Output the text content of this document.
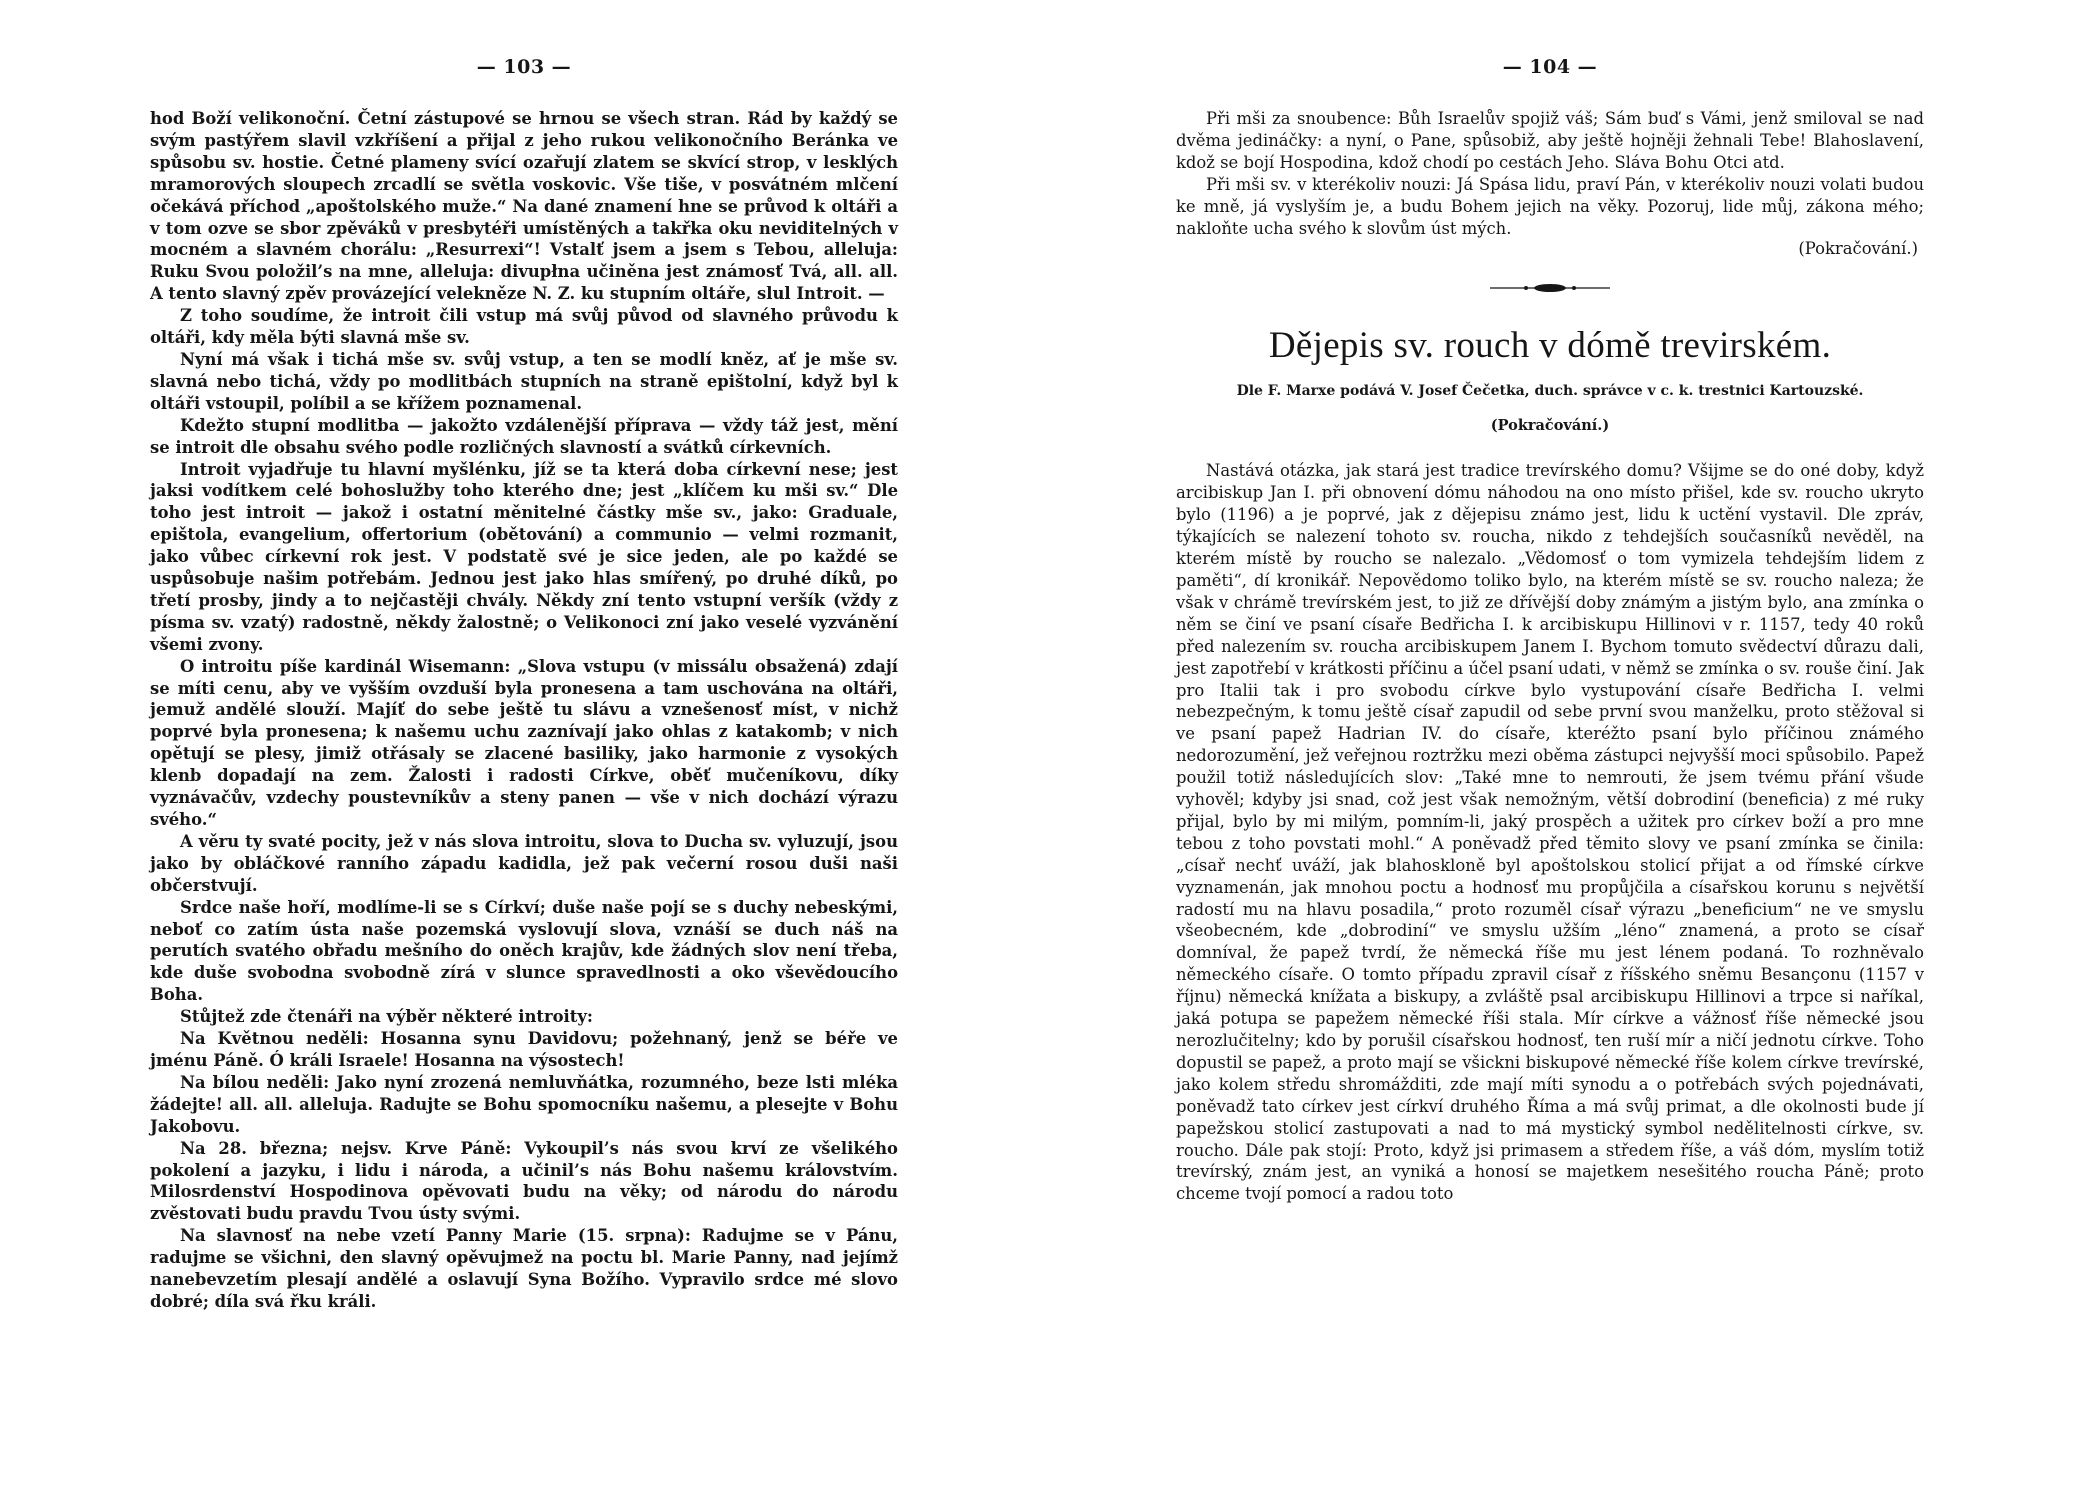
— 103 —

hod Boží velikonoční. Četní zástupové se hrnou se všech stran. Rád by každý se svým pastýřem slavil vzkříšení a přijal z jeho rukou velikonočního Beránka ve spůsobu sv. hostie. Četné plameny svící ozařují zlatem se skvící strop, v lesklých mramorových sloupech zrcadlí se světla voskovic. Vše tiše, v posvátném mlčení očekává příchod „apoštolského muže.“ Na dané znamení hne se průvod k oltáři a v tom ozve se sbor zpěváků v presbytéři umístěných a takřka oku neviditelných v mocném a slavném chorálu: „Resurrexi“! Vstalť jsem a jsem s Tebou, alleluja: Ruku Svou položil’s na mne, alleluja: divupłna učiněna jest známosť Tvá, all. all. A tento slavný zpěv provázející velekněze N. Z. ku stupním oltáře, slul Introit. —

Z toho soudíme, že introit čili vstup má svůj původ od slavného průvodu k oltáři, kdy měla býti slavná mše sv.

Nyní má však i tichá mše sv. svůj vstup, a ten se modlí kněz, ať je mše sv. slavná nebo tichá, vždy po modlitbách stupních na straně epištolní, když byl k oltáři vstoupil, políbil a se křížem poznamenal.

Kdežto stupní modlitba — jakožto vzdálenější příprava — vždy táž jest, mění se introit dle obsahu svého podle rozličných slavností a svátků církevních.

Introit vyjadřuje tu hlavní myšlénku, jíž se ta která doba církevní nese; jest jaksi vodítkem celé bohoslužby toho kterého dne; jest „klíčem ku mši sv.“ Dle toho jest introit — jakož i ostatní měnitelné částky mše sv., jako: Graduale, epištola, evangelium, offertorium (obětování) a communio — velmi rozmanit, jako vůbec církevní rok jest. V podstatě své je sice jeden, ale po každé se uspůsobuje našim potřebám. Jednou jest jako hlas smířený, po druhé díků, po třetí prosby, jindy a to nejčastěji chvály. Někdy zní tento vstupní veršík (vždy z písma sv. vzatý) radostně, někdy žalostně; o Velikonoci zní jako veselé vyzvánění všemi zvony.

O introitu píše kardinál Wisemann: „Slova vstupu (v missálu obsažená) zdají se míti cenu, aby ve vyšším ovzduší byla pronesena a tam uschována na oltáři, jemuž andělé slouží. Majíť do sebe ještě tu slávu a vznešenosť míst, v nichž poprvé byla pronesena; k našemu uchu zaznívají jako ohlas z katakomb; v nich opětují se plesy, jimiž otřásaly se zlacené basiliky, jako harmonie z vysokých klenb dopadají na zem. Žalosti i radosti Církve, oběť mučeníkovu, díky vyznávačův, vzdechy poustevníkův a steny panen — vše v nich dochází výrazu svého.“

A věru ty svaté pocity, jež v nás slova introitu, slova to Ducha sv. vyluzují, jsou jako by obláčkové ranního západu kadidla, jež pak večerní rosou duši naši občerstvují.

Srdce naše hoří, modlíme-li se s Církví; duše naše pojí se s duchy nebeskými, neboť co zatím ústa naše pozemská vyslovují slova, vznáší se duch náš na perutích svatého obřadu mešního do oněch krajův, kde žádných slov není třeba, kde duše svobodna svobodně zírá v slunce spravedlnosti a oko vševědoucího Boha.

Stůjtež zde čtenáři na výběr některé introity:

Na Květnou neděli: Hosanna synu Davidovu; požehnaný, jenž se béře ve jménu Páně. Ó králi Israele! Hosanna na výsostech!

Na bílou neděli: Jako nyní zrozená nemluvňátka, rozumného, beze lsti mléka žádejte! all. all. alleluja. Radujte se Bohu spomocníku našemu, a plesejte v Bohu Jakobovu.

Na 28. března; nejsv. Krve Páně: Vykoupil’s nás svou krví ze všelikého pokolení a jazyku, i lidu i národa, a učinil’s nás Bohu našemu královstvím. Milosrdenství Hospodinova opěvovati budu na věky; od národu do národu zvěstovati budu pravdu Tvou ústy svými.

Na slavnosť na nebe vzetí Panny Marie (15. srpna): Radujme se v Pánu, radujme se všichni, den slavný opěvujmež na poctu bl. Marie Panny, nad jejímž nanebevzetím plesají andělé a oslavují Syna Božího. Vypravilo srdce mé slovo dobré; díla svá řku králi.

— 104 —

Při mši za snoubence: Bůh Israelův spojiž váš; Sám buď s Vámi, jenž smiloval se nad dvěma jedináčky: a nyní, o Pane, spůsobiž, aby ještě hojněji žehnali Tebe! Blahoslavení, kdož se bojí Hospodina, kdož chodí po cestách Jeho. Sláva Bohu Otci atd.

Při mši sv. v kterékoliv nouzi: Já Spása lidu, praví Pán, v kterékoliv nouzi volati budou ke mně, já vyslyším je, a budu Bohem jejich na věky. Pozoruj, lide můj, zákona mého; nakloňte ucha svého k slovům úst mých.

(Pokračování.)
Dějepis sv. rouch v dómě trevirském.
Dle F. Marxe podává V. Josef Čečetka, duch. správce v c. k. trestnici Kartouzské.
(Pokračování.)

Nastává otázka, jak stará jest tradice trevírského domu? Všijme se do oné doby, když arcibiskup Jan I. při obnovení dómu náhodou na ono místo přišel, kde sv. roucho ukryto bylo (1196) a je poprvé, jak z dějepisu známo jest, lidu k uctění vystavil. Dle zpráv, týkajících se nalezení tohoto sv. roucha, nikdo z tehdejších současníků nevěděl, na kterém místě by roucho se nalezalo. „Vědomosť o tom vymizela tehdejším lidem z paměti“, dí kronikář. Nepovědomo toliko bylo, na kterém místě se sv. roucho naleza; že však v chrámě trevírském jest, to již ze dřívější doby známým a jistým bylo, ana zmínka o něm se činí ve psaní císaře Bedřicha I. k arcibiskupu Hillinovi v r. 1157, tedy 40 roků před nalezením sv. roucha arcibiskupem Janem I. Bychom tomuto svědectví důrazu dali, jest zapotřebí v krátkosti příčinu a účel psaní udati, v němž se zmínka o sv. rouše činí. Jak pro Italii tak i pro svobodu církve bylo vystupování císaře Bedřicha I. velmi nebezpečným, k tomu ještě císař zapudil od sebe první svou manželku, proto stěžoval si ve psaní papež Hadrian IV. do císaře, kteréžto psaní bylo příčinou známého nedorozumění, jež veřejnou roztržku mezi oběma zástupci nejvyšší moci spůsobilo. Papež použil totiž následujících slov: „Také mne to nemrouti, že jsem tvému přání všude vyhověl; kdyby jsi snad, což jest však nemožným, větší dobrodiní (beneficia) z mé ruky přijal, bylo by mi milým, pomním-li, jaký prospěch a užitek pro církev boží a pro mne tebou z toho povstati mohl.“ A poněvadž před těmito slovy ve psaní zmínka se činila: „císař nechť uváží, jak blahoskloně byl apoštolskou stolicí přijat a od římské církve vyznamenán, jak mnohou poctu a hodnosť mu propůjčila a císařskou korunu s největší radostí mu na hlavu posadila,“ proto rozuměl císař výrazu „beneficium“ ne ve smyslu všeobecném, kde „dobrodiní“ ve smyslu užším „léno“ znamená, a proto se císař domníval, že papež tvrdí, že německá říše mu jest lénem podaná. To rozhněvalo německého císaře. O tomto případu zpravil císař z říšského sněmu Besançonu (1157 v říjnu) německá knížata a biskupy, a zvláště psal arcibiskupu Hillinovi a trpce si naříkal, jaká potupa se papežem německé říši stala. Mír církve a vážnosť říše německé jsou nerozlučitelny; kdo by porušil císařskou hodnosť, ten ruší mír a ničí jednotu církve. Toho dopustil se papež, a proto mají se všickni biskupové německé říše kolem církve trevírské, jako kolem středu shromážditi, zde mají míti synodu a o potřebách svých pojednávati, poněvadž tato církev jest církví druhého Říma a má svůj primat, a dle okolnosti bude jí papežskou stolicí zastupovati a nad to má mystický symbol nedělitelnosti církve, sv. roucho. Dále pak stojí: Proto, když jsi primasem a středem říše, a váš dóm, myslím totiž trevírský, znám jest, an vyniká a honosí se majetkem nesešitého roucha Páně; proto chceme tvojí pomocí a radou toto
